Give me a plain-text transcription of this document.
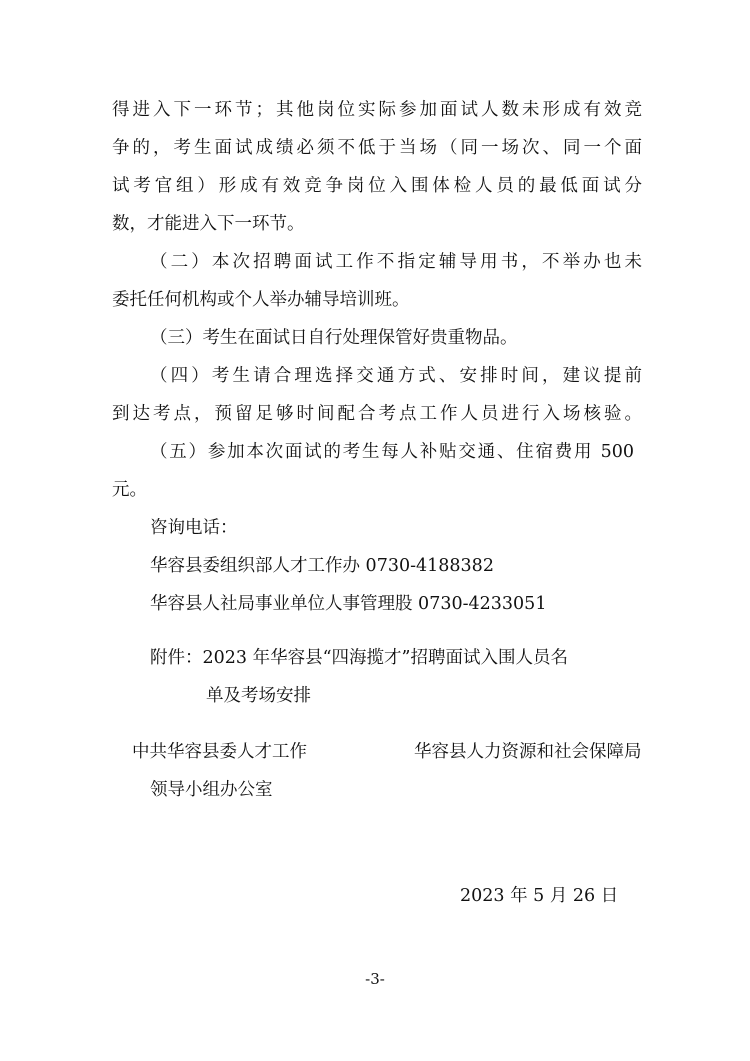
得进入下一环节；其他岗位实际参加面试人数未形成有效竞
争的，考生面试成绩必须不低于当场（同一场次、同一个面
试考官组）形成有效竞争岗位入围体检人员的最低面试分
数，才能进入下一环节。
（二）本次招聘面试工作不指定辅导用书，不举办也未
委托任何机构或个人举办辅导培训班。
（三）考生在面试日自行处理保管好贵重物品。
（四）考生请合理选择交通方式、安排时间，建议提前
到达考点，预留足够时间配合考点工作人员进行入场核验。
（五）参加本次面试的考生每人补贴交通、住宿费用 500
元。
咨询电话：
华容县委组织部人才工作办 0730-4188382
华容县人社局事业单位人事管理股 0730-4233051
附件：2023 年华容县“四海揽才”招聘面试入围人员名
单及考场安排
中共华容县委人才工作
领导小组办公室
华容县人力资源和社会保障局
2023 年 5 月 26 日
-3-
